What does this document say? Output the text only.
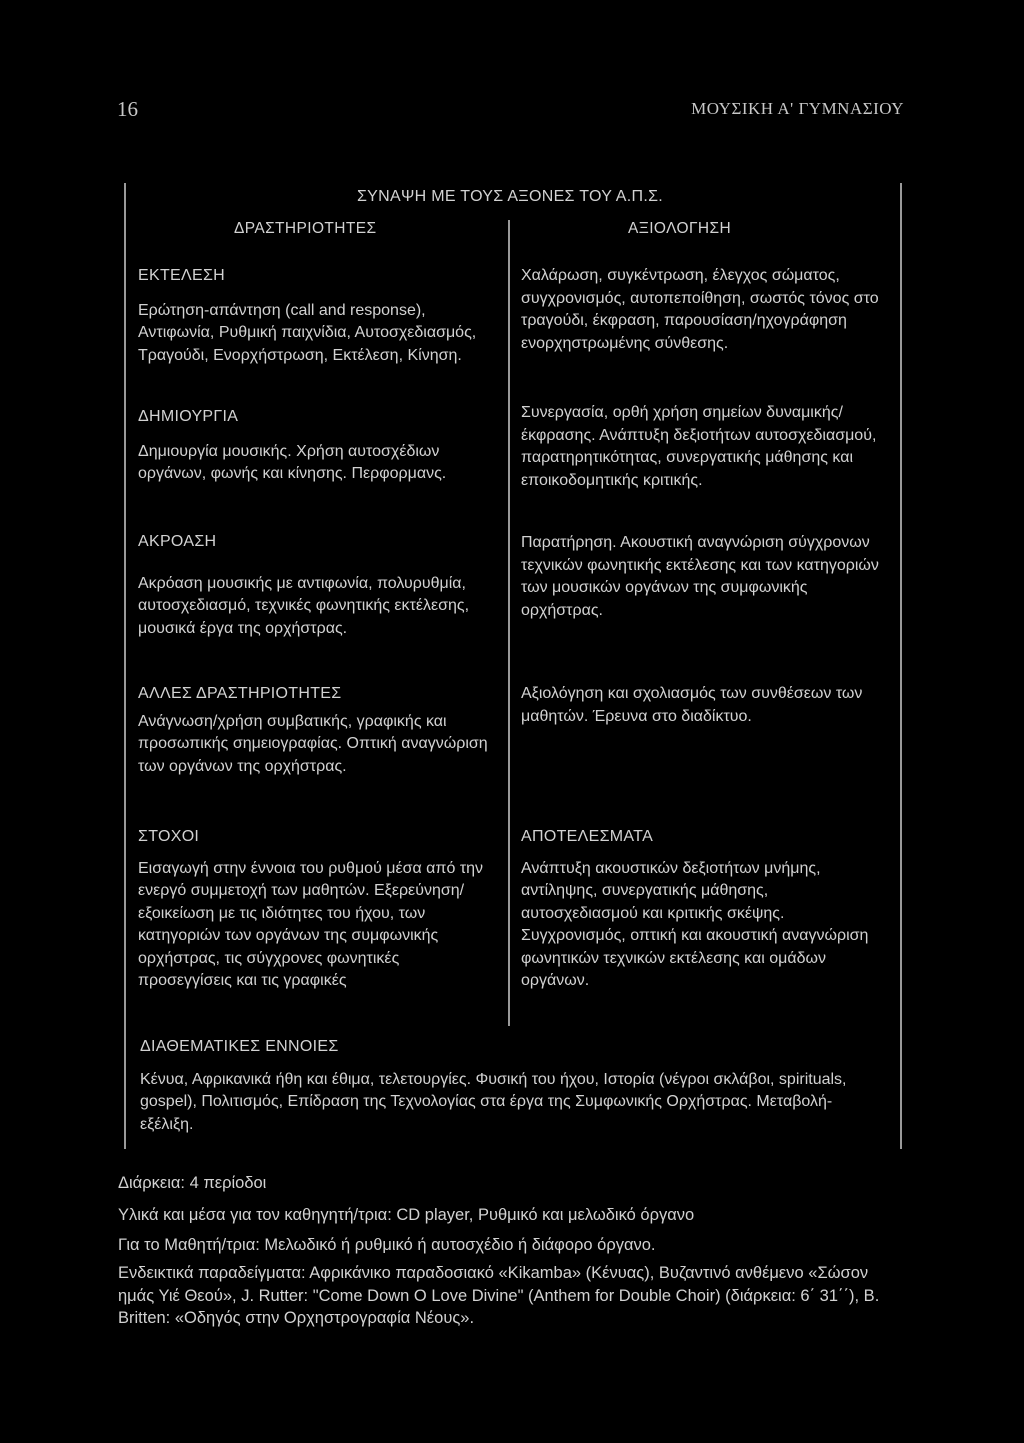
16	ΜΟΥΣΙΚΗ Α' ΓΥΜΝΑΣΙΟΥ
ΣΥΝΑΨΗ ΜΕ ΤΟΥΣ ΑΞΟΝΕΣ ΤΟΥ Α.Π.Σ.
ΔΡΑΣΤΗΡΙΟΤΗΤΕΣ	ΑΞΙΟΛΟΓΗΣΗ
ΕΚΤΕΛΕΣΗ
Ερώτηση-απάντηση (call and response), Αντιφωνία, Ρυθμική παιχνίδια, Αυτοσχεδιασμός, Τραγούδι, Ενορχήστρωση, Εκτέλεση, Κίνηση.
ΔΗΜΙΟΥΡΓΙΑ
Δημιουργία μουσικής. Χρήση αυτοσχέδιων οργάνων, φωνής και κίνησης. Περφορμανς.
ΑΚΡΟΑΣΗ
Ακρόαση μουσικής με αντιφωνία, πολυρυθμία, αυτοσχεδιασμό, τεχνικές φωνητικής εκτέλεσης, μουσικά έργα της ορχήστρας.
ΑΛΛΕΣ ΔΡΑΣΤΗΡΙΟΤΗΤΕΣ
Ανάγνωση/χρήση συμβατικής, γραφικής και προσωπικής σημειογραφίας. Οπτική αναγνώριση των οργάνων της ορχήστρας.
ΣΤΟΧΟΙ
Εισαγωγή στην έννοια του ρυθμού μέσα από την ενεργό συμμετοχή των μαθητών. Εξερεύνηση/εξοικείωση με τις ιδιότητες του ήχου, των κατηγοριών των οργάνων της συμφωνικής ορχήστρας, τις σύγχρονες φωνητικές προσεγγίσεις και τις γραφικές
Χαλάρωση, συγκέντρωση, έλεγχος σώματος, συγχρονισμός, αυτοπεποίθηση, σωστός τόνος στο τραγούδι, έκφραση, παρουσίαση/ηχογράφηση ενορχηστρωμένης σύνθεσης.
Συνεργασία, ορθή χρήση σημείων δυναμικής/έκφρασης. Ανάπτυξη δεξιοτήτων αυτοσχεδιασμού, παρατηρητικότητας, συνεργατικής μάθησης και εποικοδομητικής κριτικής.
Παρατήρηση. Ακουστική αναγνώριση σύγχρονων τεχνικών φωνητικής εκτέλεσης και των κατηγοριών των μουσικών οργάνων της συμφωνικής ορχήστρας.
Αξιολόγηση και σχολιασμός των συνθέσεων των μαθητών. Έρευνα στο διαδίκτυο.
ΑΠΟΤΕΛΕΣΜΑΤΑ
Ανάπτυξη ακουστικών δεξιοτήτων μνήμης, αντίληψης, συνεργατικής μάθησης, αυτοσχεδιασμού και κριτικής σκέψης. Συγχρονισμός, οπτική και ακουστική αναγνώριση φωνητικών τεχνικών εκτέλεσης και ομάδων οργάνων.
ΔΙΑΘΕΜΑΤΙΚΕΣ ΕΝΝΟΙΕΣ
Κένυα, Αφρικανικά ήθη και έθιμα, τελετουργίες. Φυσική του ήχου, Ιστορία (νέγροι σκλάβοι, spirituals, gospel), Πολιτισμός, Επίδραση της Τεχνολογίας στα έργα της Συμφωνικής Ορχήστρας. Μεταβολή-εξέλιξη.
Διάρκεια: 4 περίοδοι
Υλικά και μέσα για τον καθηγητή/τρια: CD player, Ρυθμικό και μελωδικό όργανο
Για το Μαθητή/τρια: Μελωδικό ή ρυθμικό ή αυτοσχέδιο ή διάφορο όργανο.
Ενδεικτικά παραδείγματα: Αφρικάνικο παραδοσιακό «Kikamba» (Κένυας), Βυζαντινό ανθέμενο «Σώσον ημάς Υιέ Θεού», J. Rutter: "Come Down O Love Divine" (Anthem for Double Choir) (διάρκεια: 6΄ 31΄΄), B. Britten: «Οδηγός στην Ορχηστρογραφία Νέους».
